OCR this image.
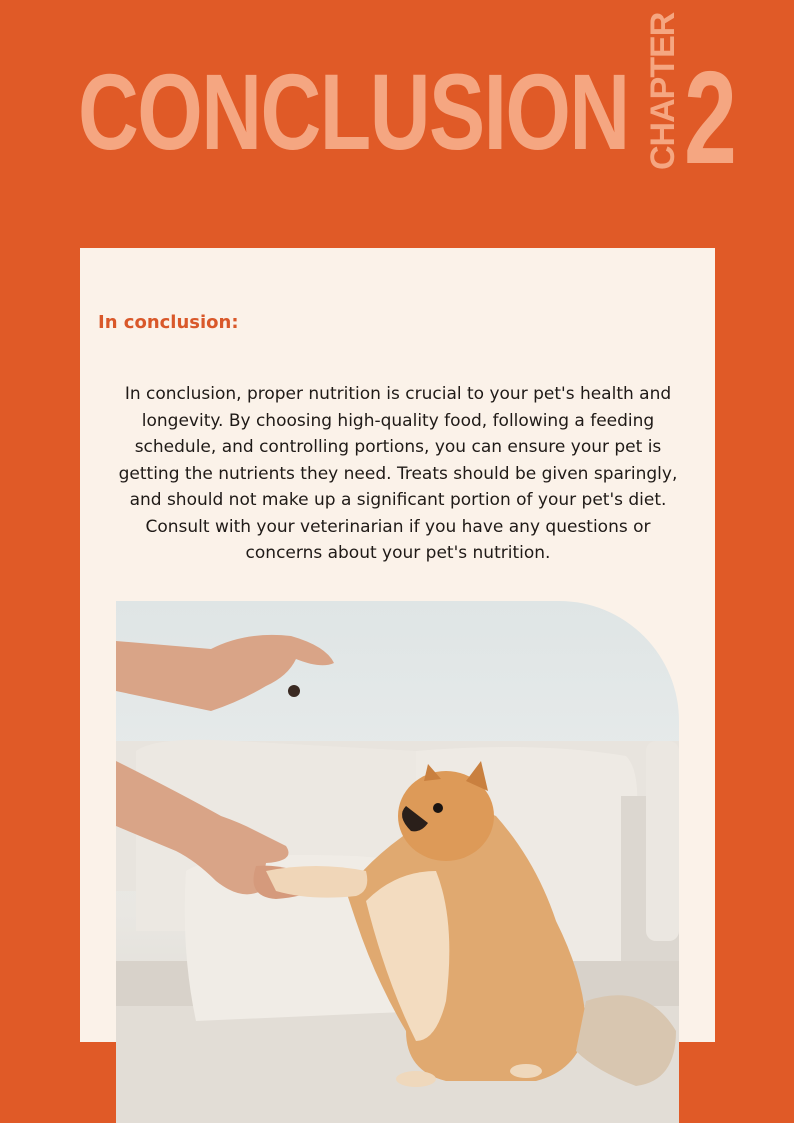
CONCLUSION CHAPTER 2
In conclusion:
In conclusion, proper nutrition is crucial to your pet's health and longevity. By choosing high-quality food, following a feeding schedule, and controlling portions, you can ensure your pet is getting the nutrients they need. Treats should be given sparingly, and should not make up a significant portion of your pet's diet. Consult with your veterinarian if you have any questions or concerns about your pet's nutrition.
